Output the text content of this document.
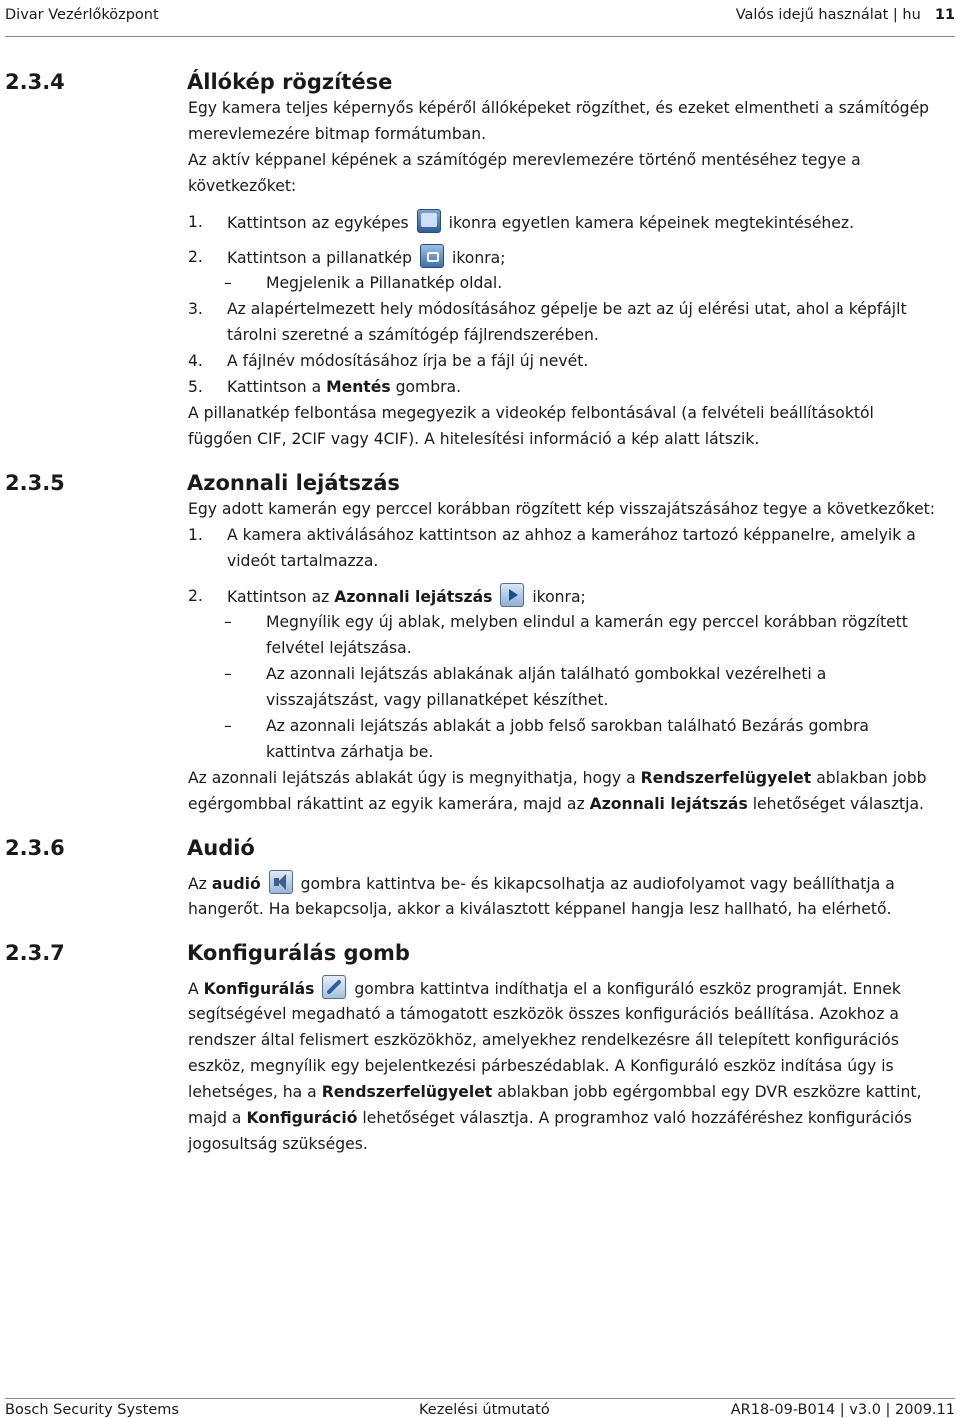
Divar Vezérlőközpont	Valós idejű használat | hu 11
2.3.4	Állókép rögzítése
Egy kamera teljes képernyős képéről állóképeket rögzíthet, és ezeket elmentheti a számítógép
merevlemezére bitmap formátumban.
Az aktív képpanel képének a számítógép merevlemezére történő mentéséhez tegye a
következőket:
1. Kattintson az egyképes	ikonra egyetlen kamera képeinek megtekintéséhez.
2. Kattintson a pillanatkép	ikonra;
– Megjelenik a Pillanatkép oldal.
3. Az alapértelmezett hely módosításához gépelje be azt az új elérési utat, ahol a képfájlt
tárolni szeretné a számítógép fájlrendszerében.
4. A fájlnév módosításához írja be a fájl új nevét.
5. Kattintson a Mentés gombra.
A pillanatkép felbontása megegyezik a videokép felbontásával (a felvételi beállításoktól
függően CIF, 2CIF vagy 4CIF). A hitelesítési információ a kép alatt látszik.
2.3.5	Azonnali lejátszás
Egy adott kamerán egy perccel korábban rögzített kép visszajátszásához tegye a következőket:
1. A kamera aktiválásához kattintson az ahhoz a kamerához tartozó képpanelre, amelyik a
videót tartalmazza.
2. Kattintson az Azonnali lejátszás	ikonra;
– Megnyílik egy új ablak, melyben elindul a kamerán egy perccel korábban rögzített
felvétel lejátszása.
– Az azonnali lejátszás ablakának alján található gombokkal vezérelheti a
visszajátszást, vagy pillanatképet készíthet.
– Az azonnali lejátszás ablakát a jobb felső sarokban található Bezárás gombra
kattintva zárhatja be.
Az azonnali lejátszás ablakát úgy is megnyithatja, hogy a Rendszerfelügyelet ablakban jobb
egérgombbal rákattint az egyik kamerára, majd az Azonnali lejátszás lehetőséget választja.
2.3.6	Audió
Az audió	gombra kattintva be- és kikapcsolhatja az audiofolyamot vagy beállíthatja a
hangerőt. Ha bekapcsolja, akkor a kiválasztott képpanel hangja lesz hallható, ha elérhető.
2.3.7	Konfigurálás gomb
A Konfigurálás	gombra kattintva indíthatja el a konfiguráló eszköz programját. Ennek
segítségével megadható a támogatott eszközök összes konfigurációs beállítása. Azokhoz a
rendszer által felismert eszközökhöz, amelyekhez rendelkezésre áll telepített konfigurációs
eszköz, megnyílik egy bejelentkezési párbeszédablak. A Konfiguráló eszköz indítása úgy is
lehetséges, ha a Rendszerfelügyelet ablakban jobb egérgombbal egy DVR eszközre kattint,
majd a Konfiguráció lehetőséget választja. A programhoz való hozzáféréshez konfigurációs
jogosultság szükséges.
Bosch Security Systems	Kezelési útmutató	AR18-09-B014 | v3.0 | 2009.11
